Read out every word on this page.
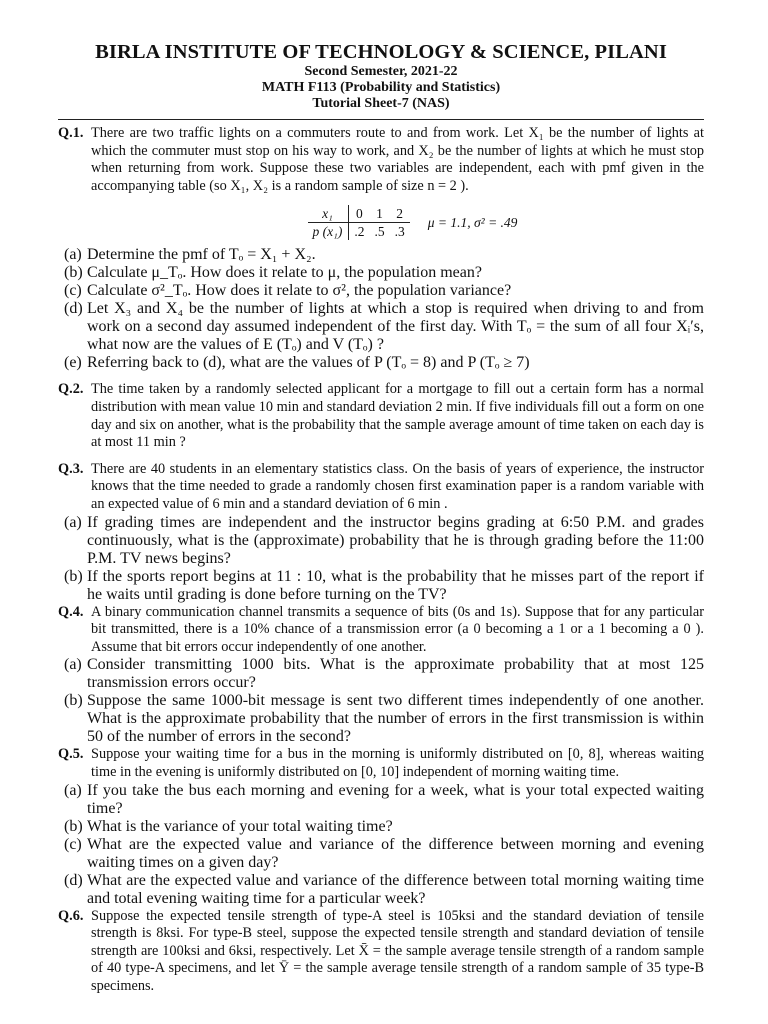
BIRLA INSTITUTE OF TECHNOLOGY & SCIENCE, PILANI
Second Semester, 2021-22
MATH F113 (Probability and Statistics)
Tutorial Sheet-7 (NAS)
Q.1. There are two traffic lights on a commuters route to and from work. Let X₁ be the number of lights at which the commuter must stop on his way to work, and X₂ be the number of lights at which he must stop when returning from work. Suppose these two variables are independent, each with pmf given in the accompanying table (so X₁, X₂ is a random sample of size n = 2 ).
x₁	0	1	2
p (x₁)	.2	.5	.3
μ = 1.1, σ² = .49
(a) Determine the pmf of Tₒ = X₁ + X₂.
(b) Calculate μ_Tₒ. How does it relate to μ, the population mean?
(c) Calculate σ²_Tₒ. How does it relate to σ², the population variance?
(d) Let X₃ and X₄ be the number of lights at which a stop is required when driving to and from work on a second day assumed independent of the first day. With Tₒ = the sum of all four Xᵢ′s, what now are the values of E (Tₒ) and V (Tₒ) ?
(e) Referring back to (d), what are the values of P (Tₒ = 8) and P (Tₒ ≥ 7)
Q.2. The time taken by a randomly selected applicant for a mortgage to fill out a certain form has a normal distribution with mean value 10 min and standard deviation 2 min. If five individuals fill out a form on one day and six on another, what is the probability that the sample average amount of time taken on each day is at most 11 min ?
Q.3. There are 40 students in an elementary statistics class. On the basis of years of experience, the instructor knows that the time needed to grade a randomly chosen first examination paper is a random variable with an expected value of 6 min and a standard deviation of 6 min .
(a) If grading times are independent and the instructor begins grading at 6:50 P.M. and grades continuously, what is the (approximate) probability that he is through grading before the 11:00 P.M. TV news begins?
(b) If the sports report begins at 11 : 10, what is the probability that he misses part of the report if he waits until grading is done before turning on the TV?
Q.4. A binary communication channel transmits a sequence of bits (0s and 1s). Suppose that for any particular bit transmitted, there is a 10% chance of a transmission error (a 0 becoming a 1 or a 1 becoming a 0 ). Assume that bit errors occur independently of one another.
(a) Consider transmitting 1000 bits. What is the approximate probability that at most 125 transmission errors occur?
(b) Suppose the same 1000-bit message is sent two different times independently of one another. What is the approximate probability that the number of errors in the first transmission is within 50 of the number of errors in the second?
Q.5. Suppose your waiting time for a bus in the morning is uniformly distributed on [0, 8], whereas waiting time in the evening is uniformly distributed on [0, 10] independent of morning waiting time.
(a) If you take the bus each morning and evening for a week, what is your total expected waiting time?
(b) What is the variance of your total waiting time?
(c) What are the expected value and variance of the difference between morning and evening waiting times on a given day?
(d) What are the expected value and variance of the difference between total morning waiting time and total evening waiting time for a particular week?
Q.6. Suppose the expected tensile strength of type-A steel is 105ksi and the standard deviation of tensile strength is 8ksi. For type-B steel, suppose the expected tensile strength and standard deviation of tensile strength are 100ksi and 6ksi, respectively. Let X̄ = the sample average tensile strength of a random sample of 40 type-A specimens, and let Ȳ = the sample average tensile strength of a random sample of 35 type-B specimens.
